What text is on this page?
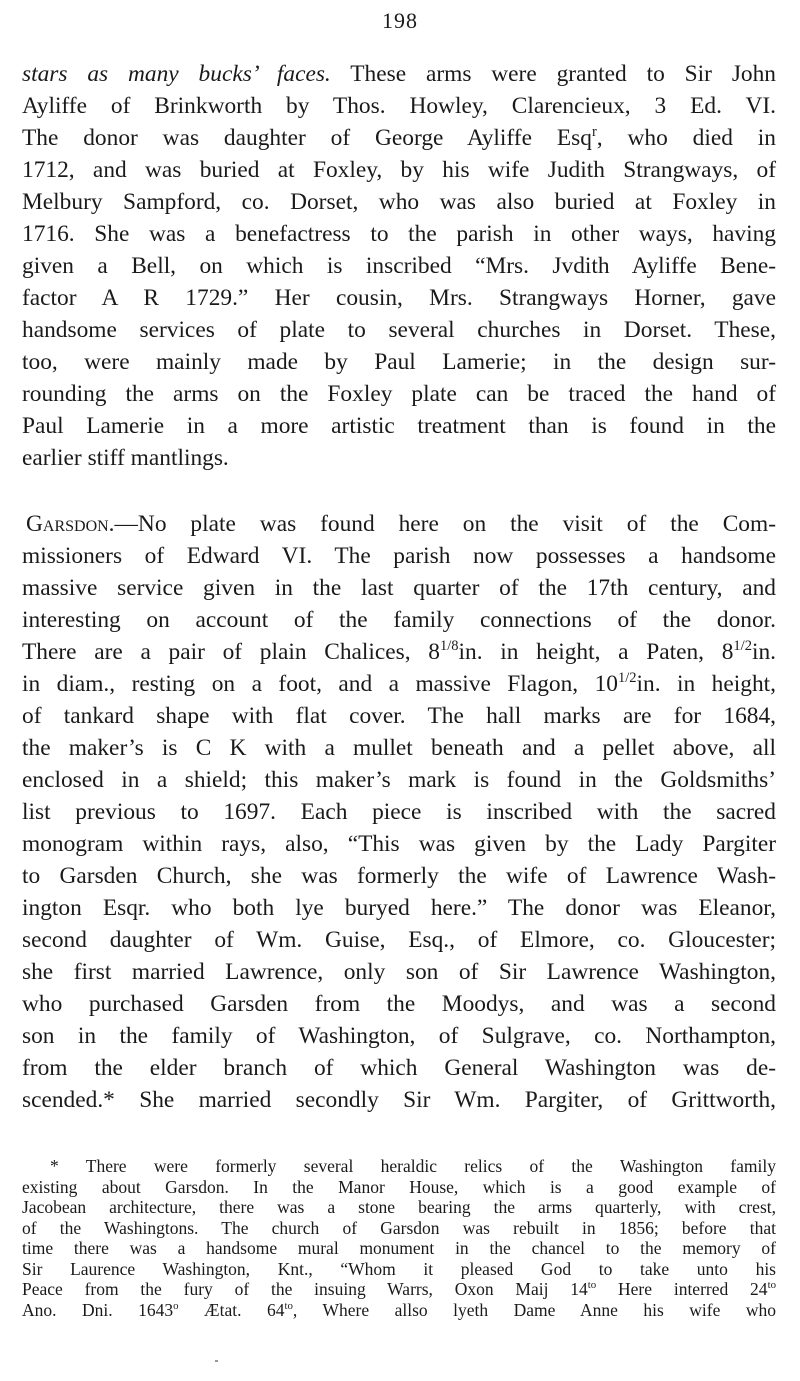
198
stars as many bucks’ faces. These arms were granted to Sir John
Ayliffe of Brinkworth by Thos. Howley, Clarencieux, 3 Ed. VI.
The donor was daughter of George Ayliffe Esq$^r$, who died in
1712, and was buried at Foxley, by his wife Judith Strangways, of
Melbury Sampford, co. Dorset, who was also buried at Foxley in
1716. She was a benefactress to the parish in other ways, having
given a Bell, on which is inscribed “Mrs. Jvdith Ayliffe Bene-
factor A R 1729.” Her cousin, Mrs. Strangways Horner, gave
handsome services of plate to several churches in Dorset. These,
too, were mainly made by Paul Lamerie; in the design sur-
rounding the arms on the Foxley plate can be traced the hand of
Paul Lamerie in a more artistic treatment than is found in the
earlier stiff mantlings.
Garsdon.—No plate was found here on the visit of the Com-
missioners of Edward VI. The parish now possesses a handsome
massive service given in the last quarter of the 17th century, and
interesting on account of the family connections of the donor.
There are a pair of plain Chalices, $8^{1/8}in$. in height, a Paten, $8^{1/2}in$.
in diam., resting on a foot, and a massive Flagon, $10^{1/2}in$. in height,
of tankard shape with flat cover. The hall marks are for 1684,
the maker’s is C K with a mullet beneath and a pellet above, all
enclosed in a shield; this maker’s mark is found in the Goldsmiths’
list previous to 1697. Each piece is inscribed with the sacred
monogram within rays, also, “This was given by the Lady Pargiter
to Garsden Church, she was formerly the wife of Lawrence Wash-
ington Esqr. who both lye buryed here.” The donor was Eleanor,
second daughter of Wm. Guise, Esq., of Elmore, co. Gloucester;
she first married Lawrence, only son of Sir Lawrence Washington,
who purchased Garsden from the Moodys, and was a second
son in the family of Washington, of Sulgrave, co. Northampton,
from the elder branch of which General Washington was de-
scended.* She married secondly Sir Wm. Pargiter, of Grittworth,
* There were formerly several heraldic relics of the Washington family
existing about Garsdon. In the Manor House, which is a good example of
Jacobean architecture, there was a stone bearing the arms quarterly, with crest,
of the Washingtons. The church of Garsdon was rebuilt in 1856; before that
time there was a handsome mural monument in the chancel to the memory of
Sir Laurence Washington, Knt., “Whom it pleased God to take unto his
Peace from the fury of the insuing Warrs, Oxon Maij $14^{to}$ Here interred $24^{to}$
Ano. Dni. 1643$^o$ Ætat. $64^{to}$, Where allso lyeth Dame Anne his wife who
